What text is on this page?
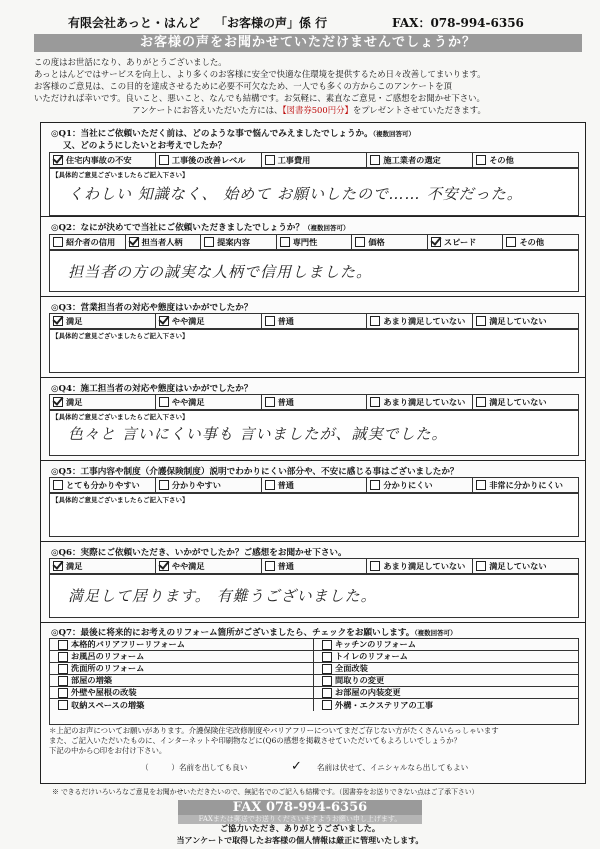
有限会社あっと・はんど 「お客様の声」係 行	FAX：078-994-6356
お客様の声をお聞かせていただけませんでしょうか？
この度はお世話になり、ありがとうございました。
あっとはんどではサービスを向上し、より多くのお客様に安全で快適な住環境を提供するため日々改善してまいります。
お客様のご意見は、この目的を達成させるために必要不可欠なため、一人でも多くの方からこのアンケートを頂
いただければ幸いです。良いこと、悪いこと、なんでも結構です。お気軽に、素直なご意見・ご感想をお聞かせ下さい。
アンケートにお答えいただいた方には、【図書券500円分】をプレゼントさせていただきます。
◎Q1：当社にご依頼いただく前は、どのような事で悩んでみえましたでしょうか。（複数回答可）
又、どのようにしたいとお考えでしたか？
住宅内事故の不安	工事後の改善レベル	工事費用	施工業者の選定	その他
【具体的ご意見ございましたらご記入下さい】
くわしい 知識なく、 始めて お願いしたので…… 不安だった。
◎Q2：なにが決めてで当社にご依頼いただきましたでしょうか？（複数回答可）
紹介者の信用	担当者人柄	提案内容	専門性	価格	スピード	その他
担当者の方の誠実な人柄で信用しました。
◎Q3：営業担当者の対応や態度はいかがでしたか？
満足	やや満足	普通	あまり満足していない	満足していない
【具体的ご意見ございましたらご記入下さい】
◎Q4：施工担当者の対応や態度はいかがでしたか？
満足	やや満足	普通	あまり満足していない	満足していない
【具体的ご意見ございましたらご記入下さい】
色々と 言いにくい事も 言いましたが、誠実でした。
◎Q5：工事内容や制度（介護保険制度）説明でわかりにくい部分や、不安に感じる事はございましたか？
とても分かりやすい	分かりやすい	普通	分かりにくい	非常に分かりにくい
【具体的ご意見ございましたらご記入下さい】
◎Q6：実際にご依頼いただき、いかがでしたか？ご感想をお聞かせ下さい。
満足	やや満足	普通	あまり満足していない	満足していない
満足して居ります。 有難うございました。
◎Q7：最後に将来的にお考えのリフォーム箇所がございましたら、チェックをお願いします。（複数回答可）
本格的バリアフリーリフォーム	キッチンのリフォーム
お風呂のリフォーム	トイレのリフォーム
洗面所のリフォーム	全面改装
部屋の増築	間取りの変更
外壁や屋根の改装	お部屋の内装変更
収納スペースの増築	外構・エクステリアの工事
＊上記のお声についてお願いがあります。介護保険住宅改修制度やバリアフリーについてまだご存じない方がたくさんいらっしゃいます
また、ご記入いただいたものに、インターネットや印刷物などに(Q6の感想を掲載させていただいてもよろしいでしょうか？
下記の中から○印をお付け下さい。
（　　　）名前を出しても良い	✓ 名前は伏せて、イニシャルなら出してもよい
※ できるだけいろいろなご意見をお聞かせいただきたいので、無記名でのご記入も結構です。（図書券をお送りできない点はご了承下さい）
FAX 078-994-6356
FAXまたは郵送でお送りくださいますようお願い申し上げます。
ご協力いただき、ありがとうございました。
当アンケートで取得したお客様の個人情報は厳正に管理いたします。
